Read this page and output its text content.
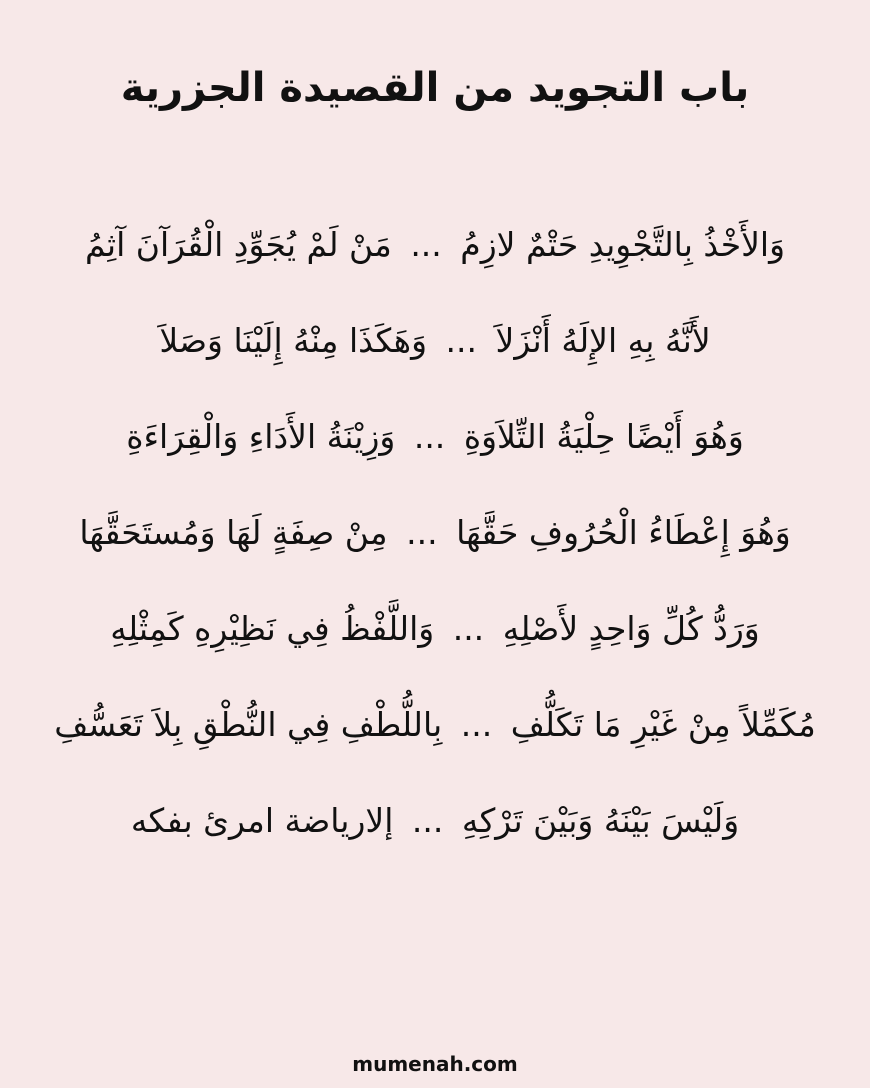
باب التجويد من القصيدة الجزرية
وَالأَخْذُ بِالتَّجْوِيدِ حَتْمٌ لازِمُ ... مَنْ لَمْ يُجَوِّدِ الْقُرَآنَ آثِمُ
لأَنَّهُ بِهِ الإِلَهُ أَنْزَلاَ ... وَهَكَذَا مِنْهُ إِلَيْنَا وَصَلاَ
وَهُوَ أَيْضًا حِلْيَةُ التِّلاَوَةِ ... وَزِيْنَةُ الأَدَاءِ وَالْقِرَاءَةِ
وَهُوَ إِعْطَاءُ الْحُرُوفِ حَقَّهَا ... مِنْ صِفَةٍ لَهَا وَمُستَحَقَّهَا
وَرَدُّ كُلِّ وَاحِدٍ لأَصْلِهِ ... وَاللَّفْظُ فِي نَظِيْرِهِ كَمِثْلِهِ
مُكَمِّلاً مِنْ غَيْرِ مَا تَكَلُّفِ ... بِاللُّطْفِ فِي النُّطْقِ بِلاَ تَعَسُّفِ
وَلَيْسَ بَيْنَهُ وَبَيْنَ تَرْكِهِ ... إلارياضة امرئ بفكه
mumenah.com
